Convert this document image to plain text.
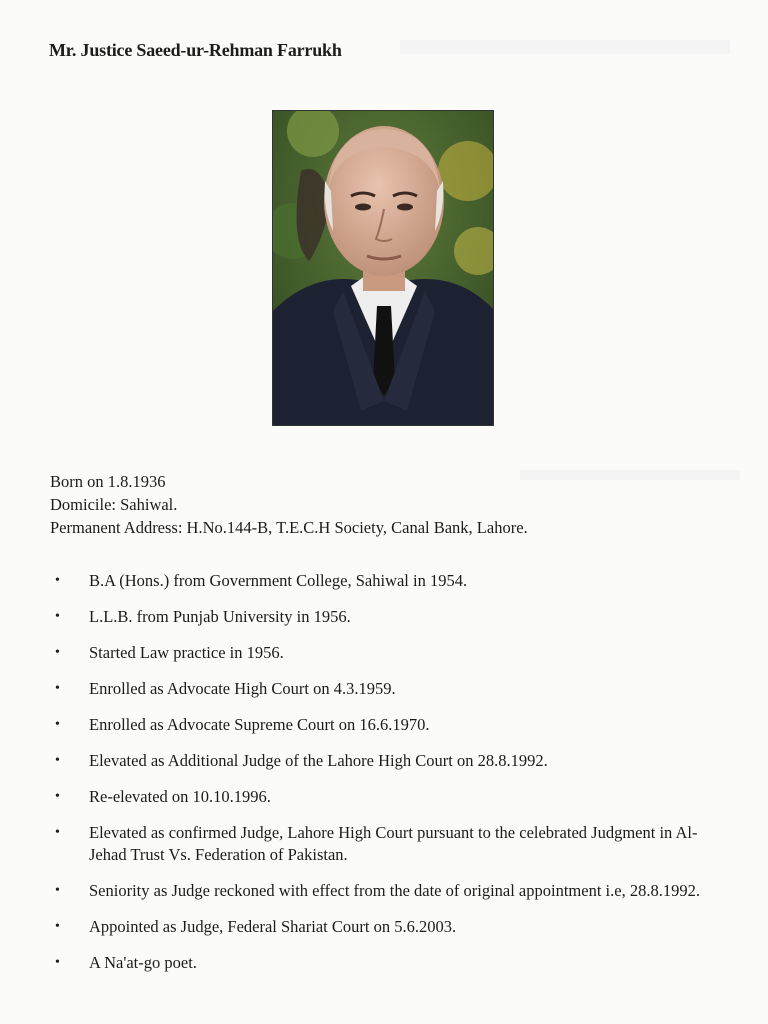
Mr. Justice Saeed-ur-Rehman Farrukh
Born on 1.8.1936
Domicile: Sahiwal.
Permanent Address: H.No.144-B, T.E.C.H Society, Canal Bank, Lahore.
• B.A (Hons.) from Government College, Sahiwal in 1954.
• L.L.B. from Punjab University in 1956.
• Started Law practice in 1956.
• Enrolled as Advocate High Court on 4.3.1959.
• Enrolled as Advocate Supreme Court on 16.6.1970.
• Elevated as Additional Judge of the Lahore High Court on 28.8.1992.
• Re-elevated on 10.10.1996.
• Elevated as confirmed Judge, Lahore High Court pursuant to the celebrated Judgment in Al-Jehad Trust Vs. Federation of Pakistan.
• Seniority as Judge reckoned with effect from the date of original appointment i.e, 28.8.1992.
• Appointed as Judge, Federal Shariat Court on 5.6.2003.
• A Na'at-go poet.
